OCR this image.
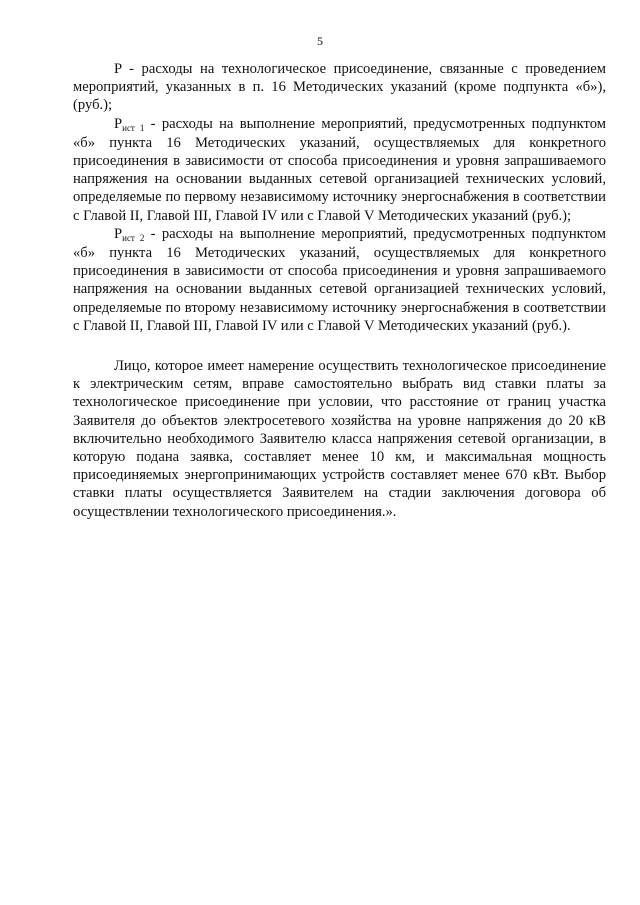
5

P - расходы на технологическое присоединение, связанные с проведением мероприятий, указанных в п. 16 Методических указаний (кроме подпункта «б»), (руб.);

$P_{ист 1}$ - расходы на выполнение мероприятий, предусмотренных подпунктом «б» пункта 16 Методических указаний, осуществляемых для конкретного присоединения в зависимости от способа присоединения и уровня запрашиваемого напряжения на основании выданных сетевой организацией технических условий, определяемые по первому независимому источнику энергоснабжения в соответствии с Главой II, Главой III, Главой IV или с Главой V Методических указаний (руб.);

$P_{ист 2}$ - расходы на выполнение мероприятий, предусмотренных подпунктом «б» пункта 16 Методических указаний, осуществляемых для конкретного присоединения в зависимости от способа присоединения и уровня запрашиваемого напряжения на основании выданных сетевой организацией технических условий, определяемые по второму независимому источнику энергоснабжения в соответствии с Главой II, Главой III, Главой IV или с Главой V Методических указаний (руб.).

Лицо, которое имеет намерение осуществить технологическое присоединение к электрическим сетям, вправе самостоятельно выбрать вид ставки платы за технологическое присоединение при условии, что расстояние от границ участка Заявителя до объектов электросетевого хозяйства на уровне напряжения до 20 кВ включительно необходимого Заявителю класса напряжения сетевой организации, в которую подана заявка, составляет менее 10 км, и максимальная мощность присоединяемых энергопринимающих устройств составляет менее 670 кВт. Выбор ставки платы осуществляется Заявителем на стадии заключения договора об осуществлении технологического присоединения.».
